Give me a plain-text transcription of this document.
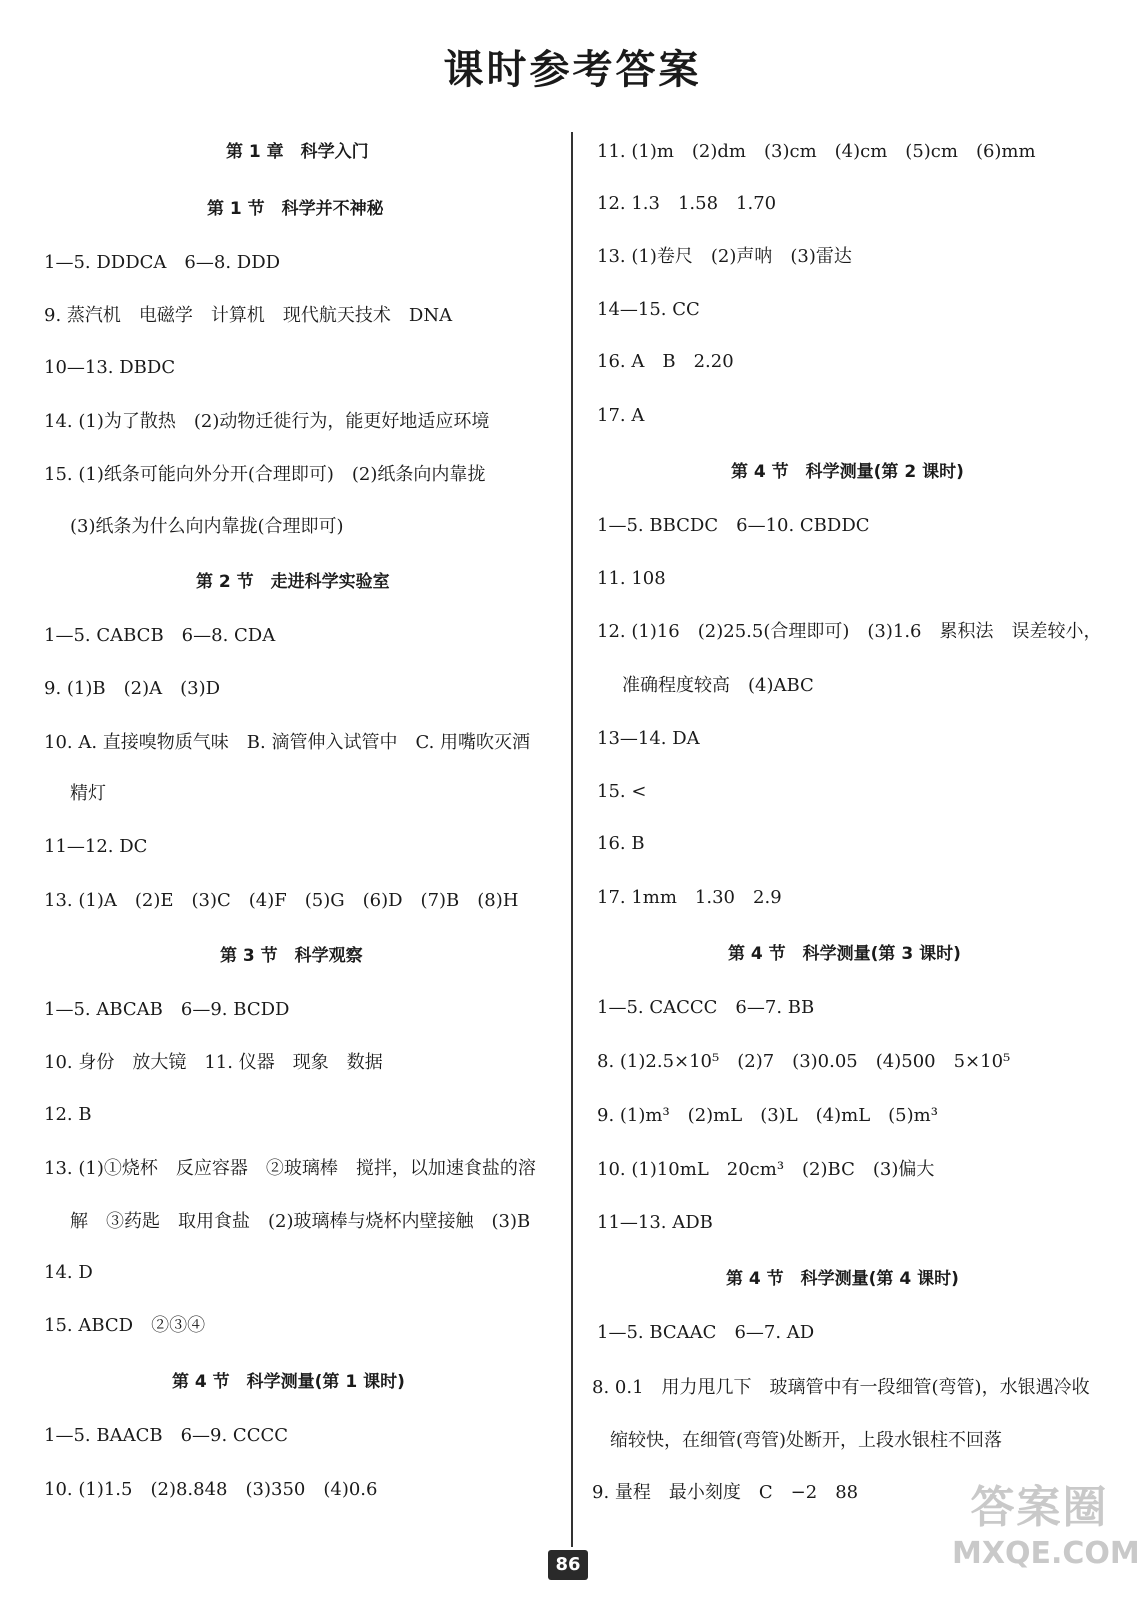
课时参考答案
第 1 章　科学入门
第 1 节　科学并不神秘
1—5. DDDCA　6—8. DDD
9. 蒸汽机　电磁学　计算机　现代航天技术　DNA
10—13. DBDC
14. (1)为了散热　(2)动物迁徙行为，能更好地适应环境
15. (1)纸条可能向外分开(合理即可)　(2)纸条向内靠拢
(3)纸条为什么向内靠拢(合理即可)
第 2 节　走进科学实验室
1—5. CABCB　6—8. CDA
9. (1)B　(2)A　(3)D
10. A. 直接嗅物质气味　B. 滴管伸入试管中　C. 用嘴吹灭酒
精灯
11—12. DC
13. (1)A　(2)E　(3)C　(4)F　(5)G　(6)D　(7)B　(8)H
第 3 节　科学观察
1—5. ABCAB　6—9. BCDD
10. 身份　放大镜　11. 仪器　现象　数据
12. B
13. (1)①烧杯　反应容器　②玻璃棒　搅拌，以加速食盐的溶
解　③药匙　取用食盐　(2)玻璃棒与烧杯内壁接触　(3)B
14. D
15. ABCD　②③④
第 4 节　科学测量(第 1 课时)
1—5. BAACB　6—9. CCCC
10. (1)1.5　(2)8.848　(3)350　(4)0.6
11. (1)m　(2)dm　(3)cm　(4)cm　(5)cm　(6)mm
12. 1.3　1.58　1.70
13. (1)卷尺　(2)声呐　(3)雷达
14—15. CC
16. A　B　2.20
17. A
第 4 节　科学测量(第 2 课时)
1—5. BBCDC　6—10. CBDDC
11. 108
12. (1)16　(2)25.5(合理即可)　(3)1.6　累积法　误差较小，
准确程度较高　(4)ABC
13—14. DA
15. <
16. B
17. 1mm　1.30　2.9
第 4 节　科学测量(第 3 课时)
1—5. CACCC　6—7. BB
8. (1)2.5×10⁵　(2)7　(3)0.05　(4)500　5×10⁵
9. (1)m³　(2)mL　(3)L　(4)mL　(5)m³
10. (1)10mL　20cm³　(2)BC　(3)偏大
11—13. ADB
第 4 节　科学测量(第 4 课时)
1—5. BCAAC　6—7. AD
8. 0.1　用力甩几下　玻璃管中有一段细管(弯管)，水银遇冷收
缩较快，在细管(弯管)处断开，上段水银柱不回落
9. 量程　最小刻度　C　−2　88
86
答案圈
MXQE.COM
